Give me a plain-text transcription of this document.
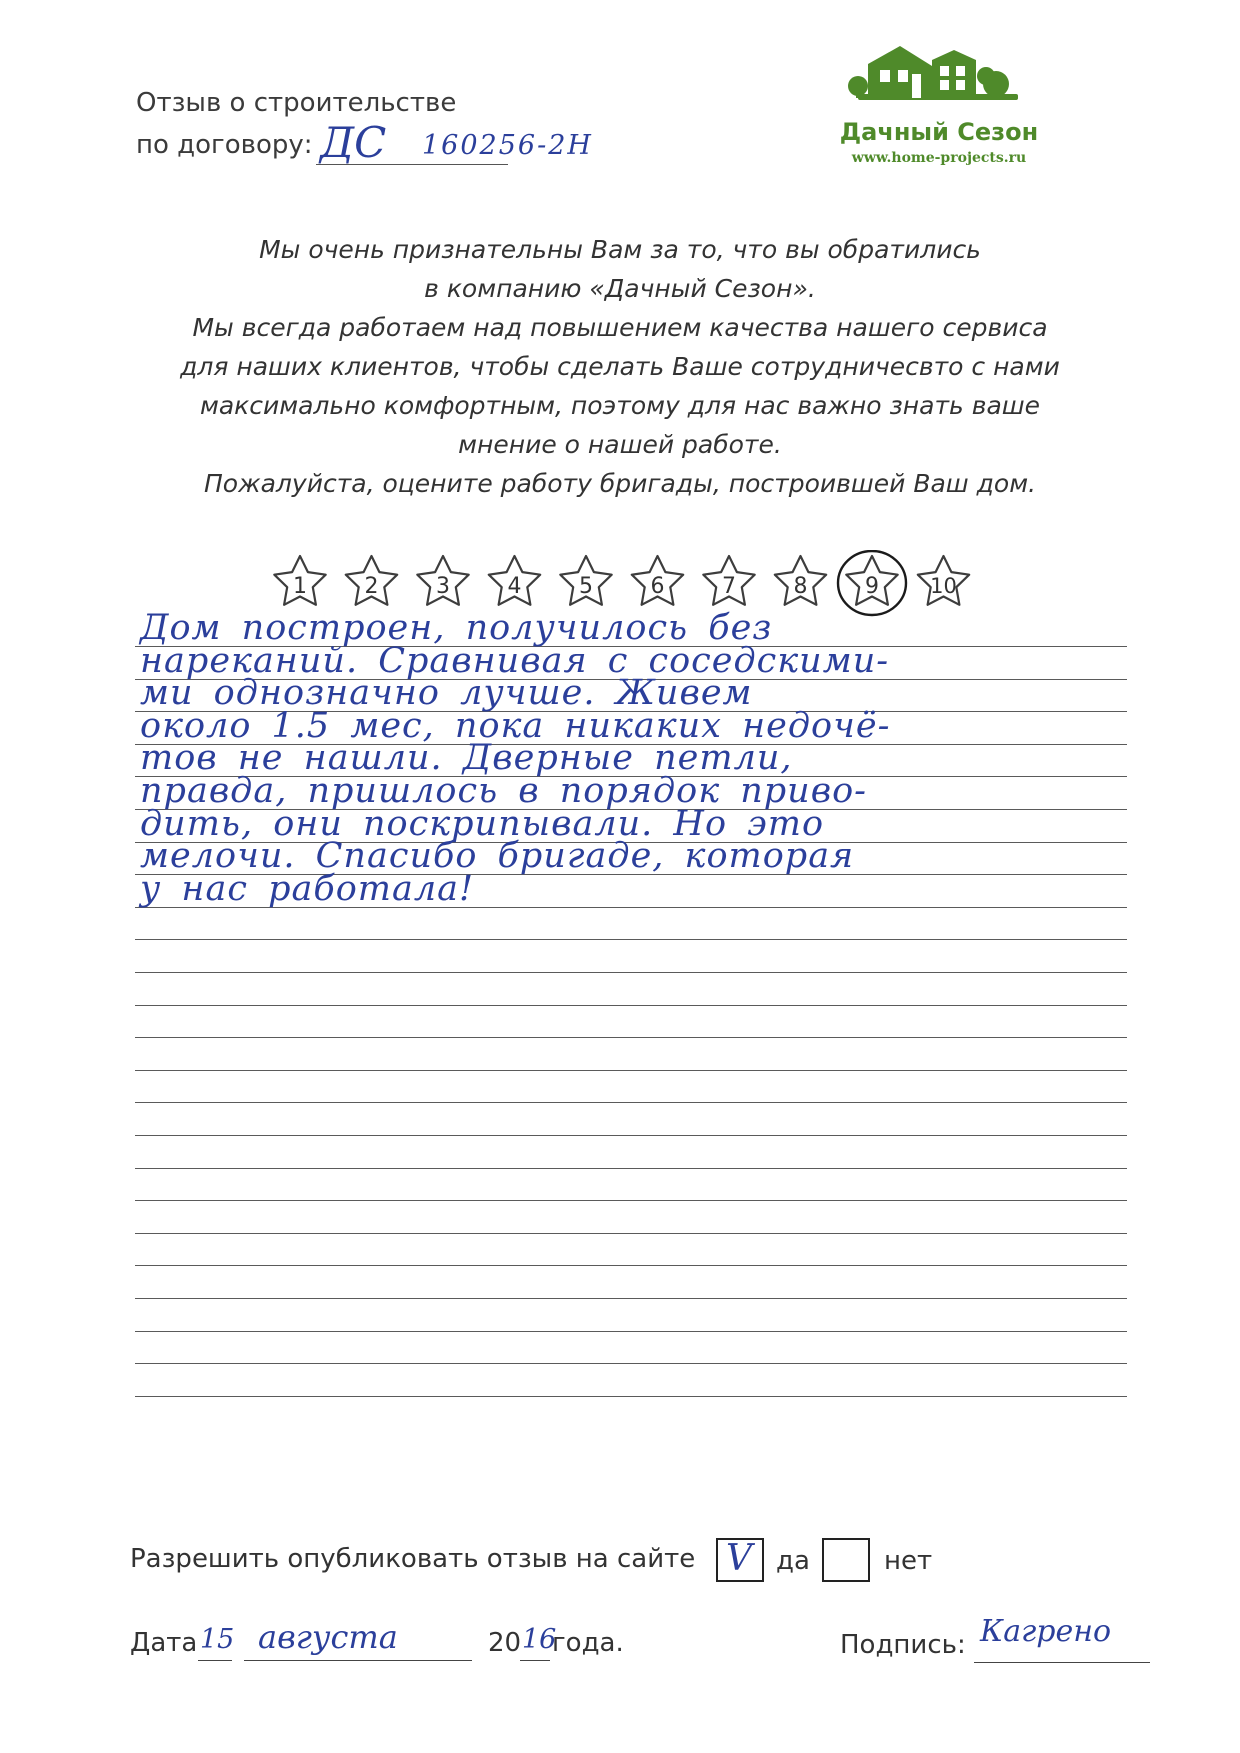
Отзыв о строительстве
по договору: ДС 160256-2Н	Дачный Сезон
www.home-projects.ru
Мы очень признательны Вам за то, что вы обратились
в компанию «Дачный Сезон».
Мы всегда работаем над повышением качества нашего сервиса
для наших клиентов, чтобы сделать Ваше сотрудничесвто с нами
максимально комфортным, поэтому для нас важно знать ваше
мнение о нашей работе.
Пожалуйста, оцените работу бригады, построившей Ваш дом.
1	2	3	4	5	6	7	8	9 10
Дом построен, получилось без
нареканий. Сравнивая с соседскими-
ми однозначно лучше. Живем
около 1.5 мес, пока никаких недочё-
тов не нашли. Дверные петли,
правда, пришлось в порядок приво-
дить, они поскрипывали. Но это
мелочи. Спасибо бригаде, которая
у нас работала!
Разрешить опубликовать отзыв на сайте V да	нет
Дата 15 августа	20 16
года.	Подпись: Кагрено
